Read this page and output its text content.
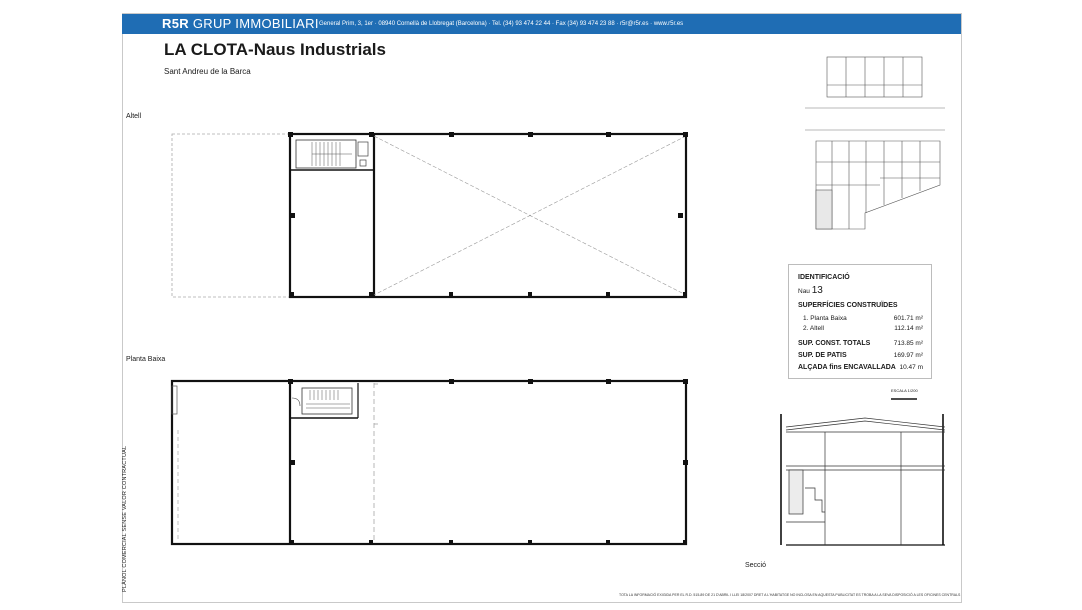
R5R GRUP IMMOBILIARI General Prim, 3, 1er · 08940 Cornellà de Llobregat (Barcelona) · Tel. (34) 93 474 22 44 · Fax (34) 93 474 23 88 · r5r@r5r.es · www.r5r.es
LA CLOTA-Naus Industrials
Sant Andreu de la Barca
Altell
Planta Baixa
Secció
PLÀNOL COMERCIAL SENSE VALOR CONTRACTUAL
TOTA LA INFORMACIÓ EXIGIDA PER EL R.D. 515-89 DE 21 D'ABRIL I LLEI 18/2007 DRET A L'HABITATGE NO INCLOSA EN AQUESTA PUBLICITAT ES TROBA A LA SEVA DISPOSICIÓ A LES OFICINES CENTRALS
IDENTIFICACIÓ
Nau 13
SUPERFÍCIES CONSTRUÏDES
1. Planta Baixa	601.71 m²
2. Altell	112.14 m²
SUP. CONST. TOTALS	713.85 m²
SUP. DE PATIS	169.97 m²
ALÇADA fins ENCAVALLADA 10.47 m
ESCALA 1/200
